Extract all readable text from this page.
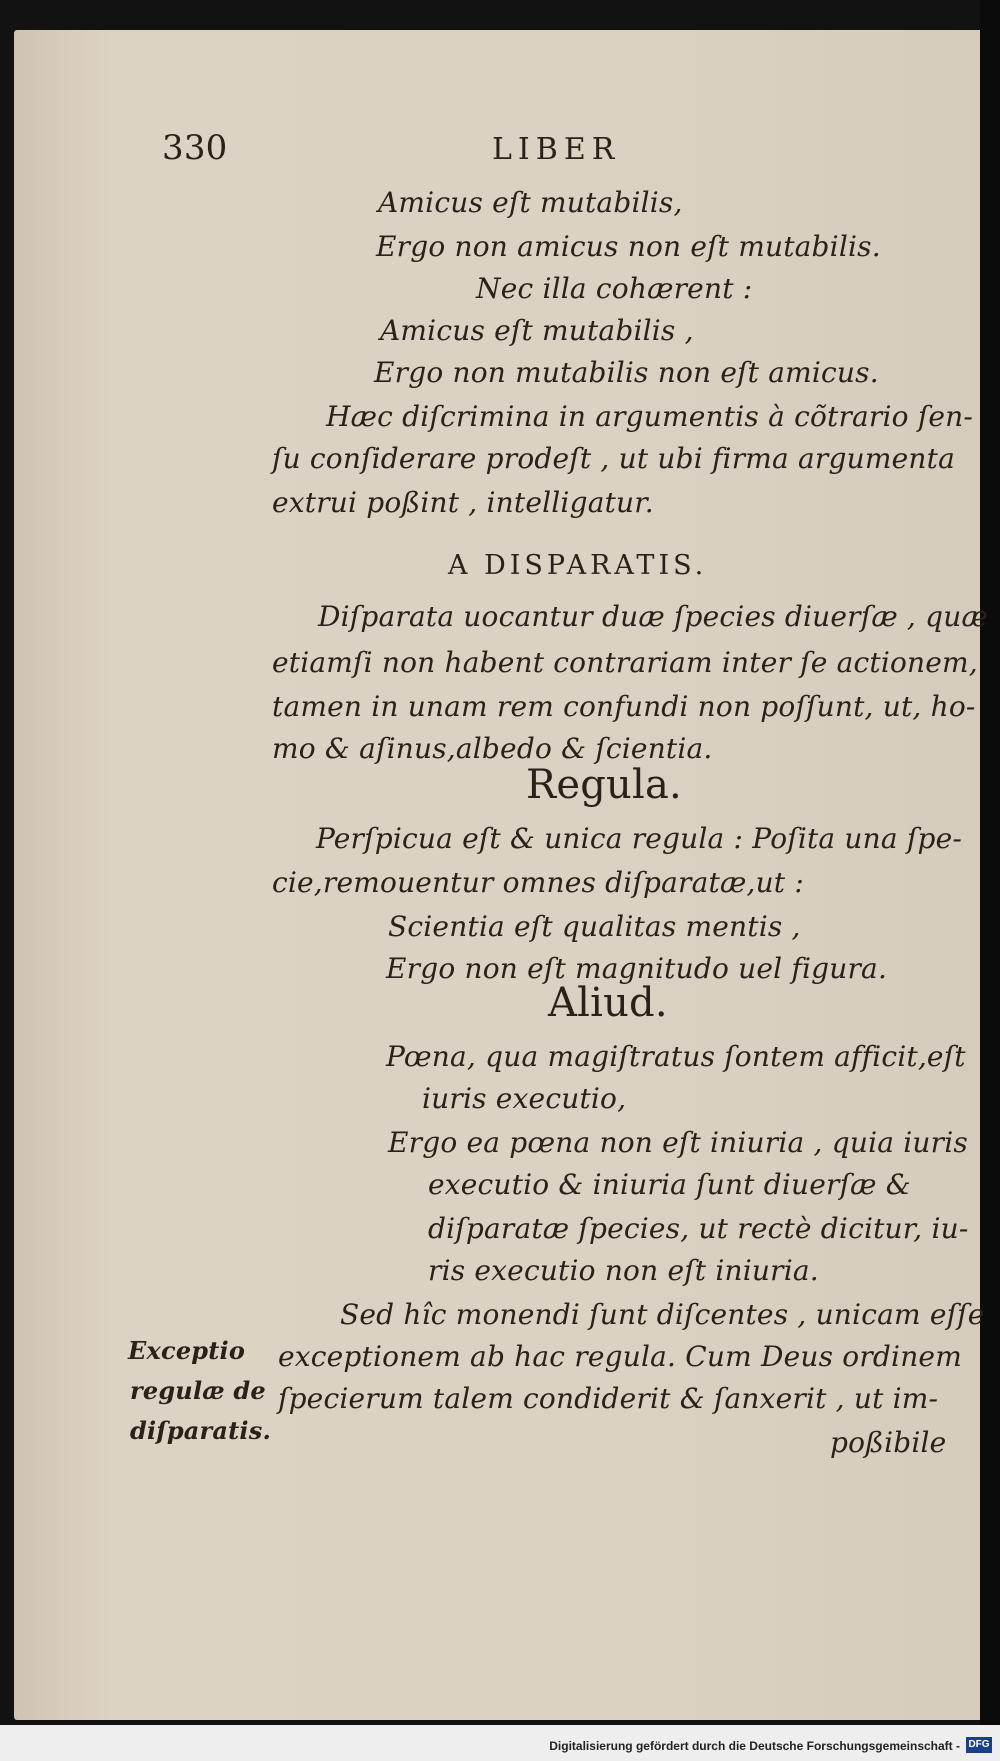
330	LIBER
Amicus eſt mutabilis,
Ergo non amicus non eſt mutabilis.
Nec illa cohærent :
Amicus eſt mutabilis ,
Ergo non mutabilis non eſt amicus.
Hæc diſcrimina in argumentis à cõtrario ſen-
ſu conſiderare prodeſt , ut ubi firma argumenta
extrui poßint , intelligatur.
A DISPARATIS.
Diſparata uocantur duæ ſpecies diuerſæ , quæ
etiamſi non habent contrariam inter ſe actionem,
tamen in unam rem confundi non poſſunt, ut, ho-
mo & aſinus,albedo & ſcientia.
Regula.
Perſpicua eſt & unica regula : Poſita una ſpe-
cie,remouentur omnes diſparatæ,ut :
Scientia eſt qualitas mentis ,
Ergo non eſt magnitudo uel figura.
Aliud.
Pœna, qua magiſtratus ſontem afficit,eſt
iuris executio,
Ergo ea pœna non eſt iniuria , quia iuris
executio & iniuria ſunt diuerſæ &
diſparatæ ſpecies, ut rectè dicitur, iu-
ris executio non eſt iniuria.
Sed hîc monendi ſunt diſcentes , unicam eſſe
exceptionem ab hac regula. Cum Deus ordinem
ſpecierum talem condiderit & ſanxerit , ut im-
poßibile
Exceptio
regulæ de
diſparatis.
Digitalisierung gefördert durch die Deutsche Forschungsgemeinschaft - DFG
